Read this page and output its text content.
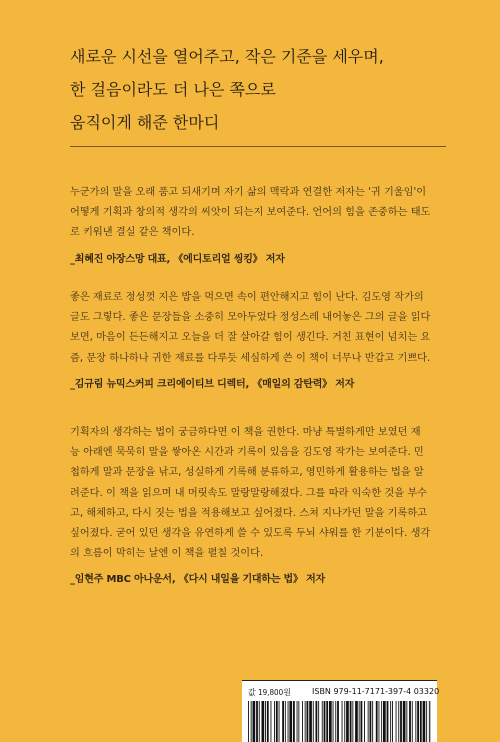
새로운 시선을 열어주고, 작은 기준을 세우며,
한 걸음이라도 더 나은 쪽으로
움직이게 해준 한마디
누군가의 말을 오래 품고 되새기며 자기 삶의 맥락과 연결한 저자는 '귀 기울임'이
어떻게 기획과 창의적 생각의 씨앗이 되는지 보여준다. 언어의 힘을 존중하는 태도
로 키워낸 결실 같은 책이다.
_최혜진 아장스망 대표, 《에디토리얼 씽킹》 저자
좋은 재료로 정성껏 지은 밥을 먹으면 속이 편안해지고 힘이 난다. 김도영 작가의
글도 그렇다. 좋은 문장들을 소중히 모아두었다 정성스레 내어놓은 그의 글을 읽다
보면, 마음이 든든해지고 오늘을 더 잘 살아갈 힘이 생긴다. 거친 표현이 넘치는 요
즘, 문장 하나하나 귀한 재료를 다루듯 세심하게 쓴 이 책이 너무나 반갑고 기쁘다.
_김규림 뉴믹스커피 크리에이티브 디렉터, 《매일의 감탄력》 저자
기획자의 생각하는 법이 궁금하다면 이 책을 권한다. 마냥 특별하게만 보였던 재
능 아래엔 묵묵히 말을 쌓아온 시간과 기록이 있음을 김도영 작가는 보여준다. 민
첩하게 말과 문장을 낚고, 성실하게 기록해 분류하고, 영민하게 활용하는 법을 알
려준다. 이 책을 읽으며 내 머릿속도 말랑말랑해졌다. 그를 따라 익숙한 것을 부수
고, 해체하고, 다시 짓는 법을 적용해보고 싶어졌다. 스쳐 지나가던 말을 기록하고
싶어졌다. 굳어 있던 생각을 유연하게 쓸 수 있도록 두뇌 샤워를 한 기분이다. 생각
의 흐름이 막히는 날엔 이 책을 펼칠 것이다.
_임현주 MBC 아나운서, 《다시 내일을 기대하는 법》 저자
값 19,800원	ISBN 979-11-7171-397-4 03320
